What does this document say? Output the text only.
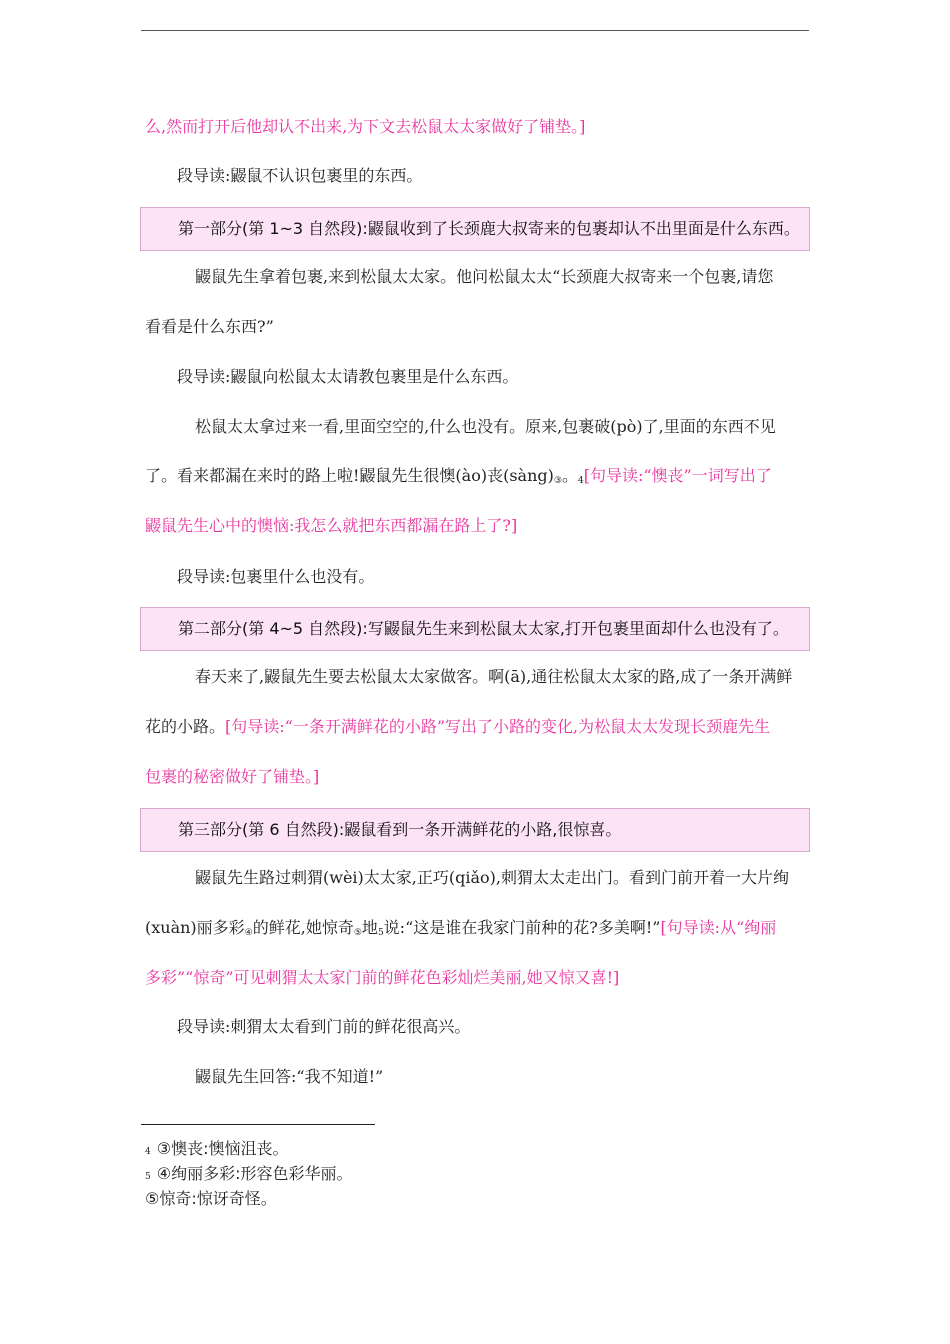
么,然而打开后他却认不出来,为下文去松鼠太太家做好了铺垫。]
段导读:鼹鼠不认识包裹里的东西。
第一部分(第 1~3 自然段):鼹鼠收到了长颈鹿大叔寄来的包裹却认不出里面是什么东西。
鼹鼠先生拿着包裹,来到松鼠太太家。他问松鼠太太“长颈鹿大叔寄来一个包裹,请您
看看是什么东西?”
段导读:鼹鼠向松鼠太太请教包裹里是什么东西。
松鼠太太拿过来一看,里面空空的,什么也没有。原来,包裹破(pò)了,里面的东西不见
了。看来都漏在来时的路上啦!鼹鼠先生很懊(ào)丧(sàng)③。4[句导读:“懊丧”一词写出了
鼹鼠先生心中的懊恼:我怎么就把东西都漏在路上了?]
段导读:包裹里什么也没有。
第二部分(第 4~5 自然段):写鼹鼠先生来到松鼠太太家,打开包裹里面却什么也没有了。
春天来了,鼹鼠先生要去松鼠太太家做客。啊(ā),通往松鼠太太家的路,成了一条开满鲜
花的小路。[句导读:“一条开满鲜花的小路”写出了小路的变化,为松鼠太太发现长颈鹿先生
包裹的秘密做好了铺垫。]
第三部分(第 6 自然段):鼹鼠看到一条开满鲜花的小路,很惊喜。
鼹鼠先生路过刺猬(wèi)太太家,正巧(qiǎo),刺猬太太走出门。看到门前开着一大片绚
(xuàn)丽多彩④的鲜花,她惊奇⑤地5说:“这是谁在我家门前种的花?多美啊!”[句导读:从“绚丽
多彩”“惊奇”可见刺猬太太家门前的鲜花色彩灿烂美丽,她又惊又喜!]
段导读:刺猬太太看到门前的鲜花很高兴。
鼹鼠先生回答:“我不知道!”
4 ③懊丧:懊恼沮丧。
5 ④绚丽多彩:形容色彩华丽。
⑤惊奇:惊讶奇怪。
